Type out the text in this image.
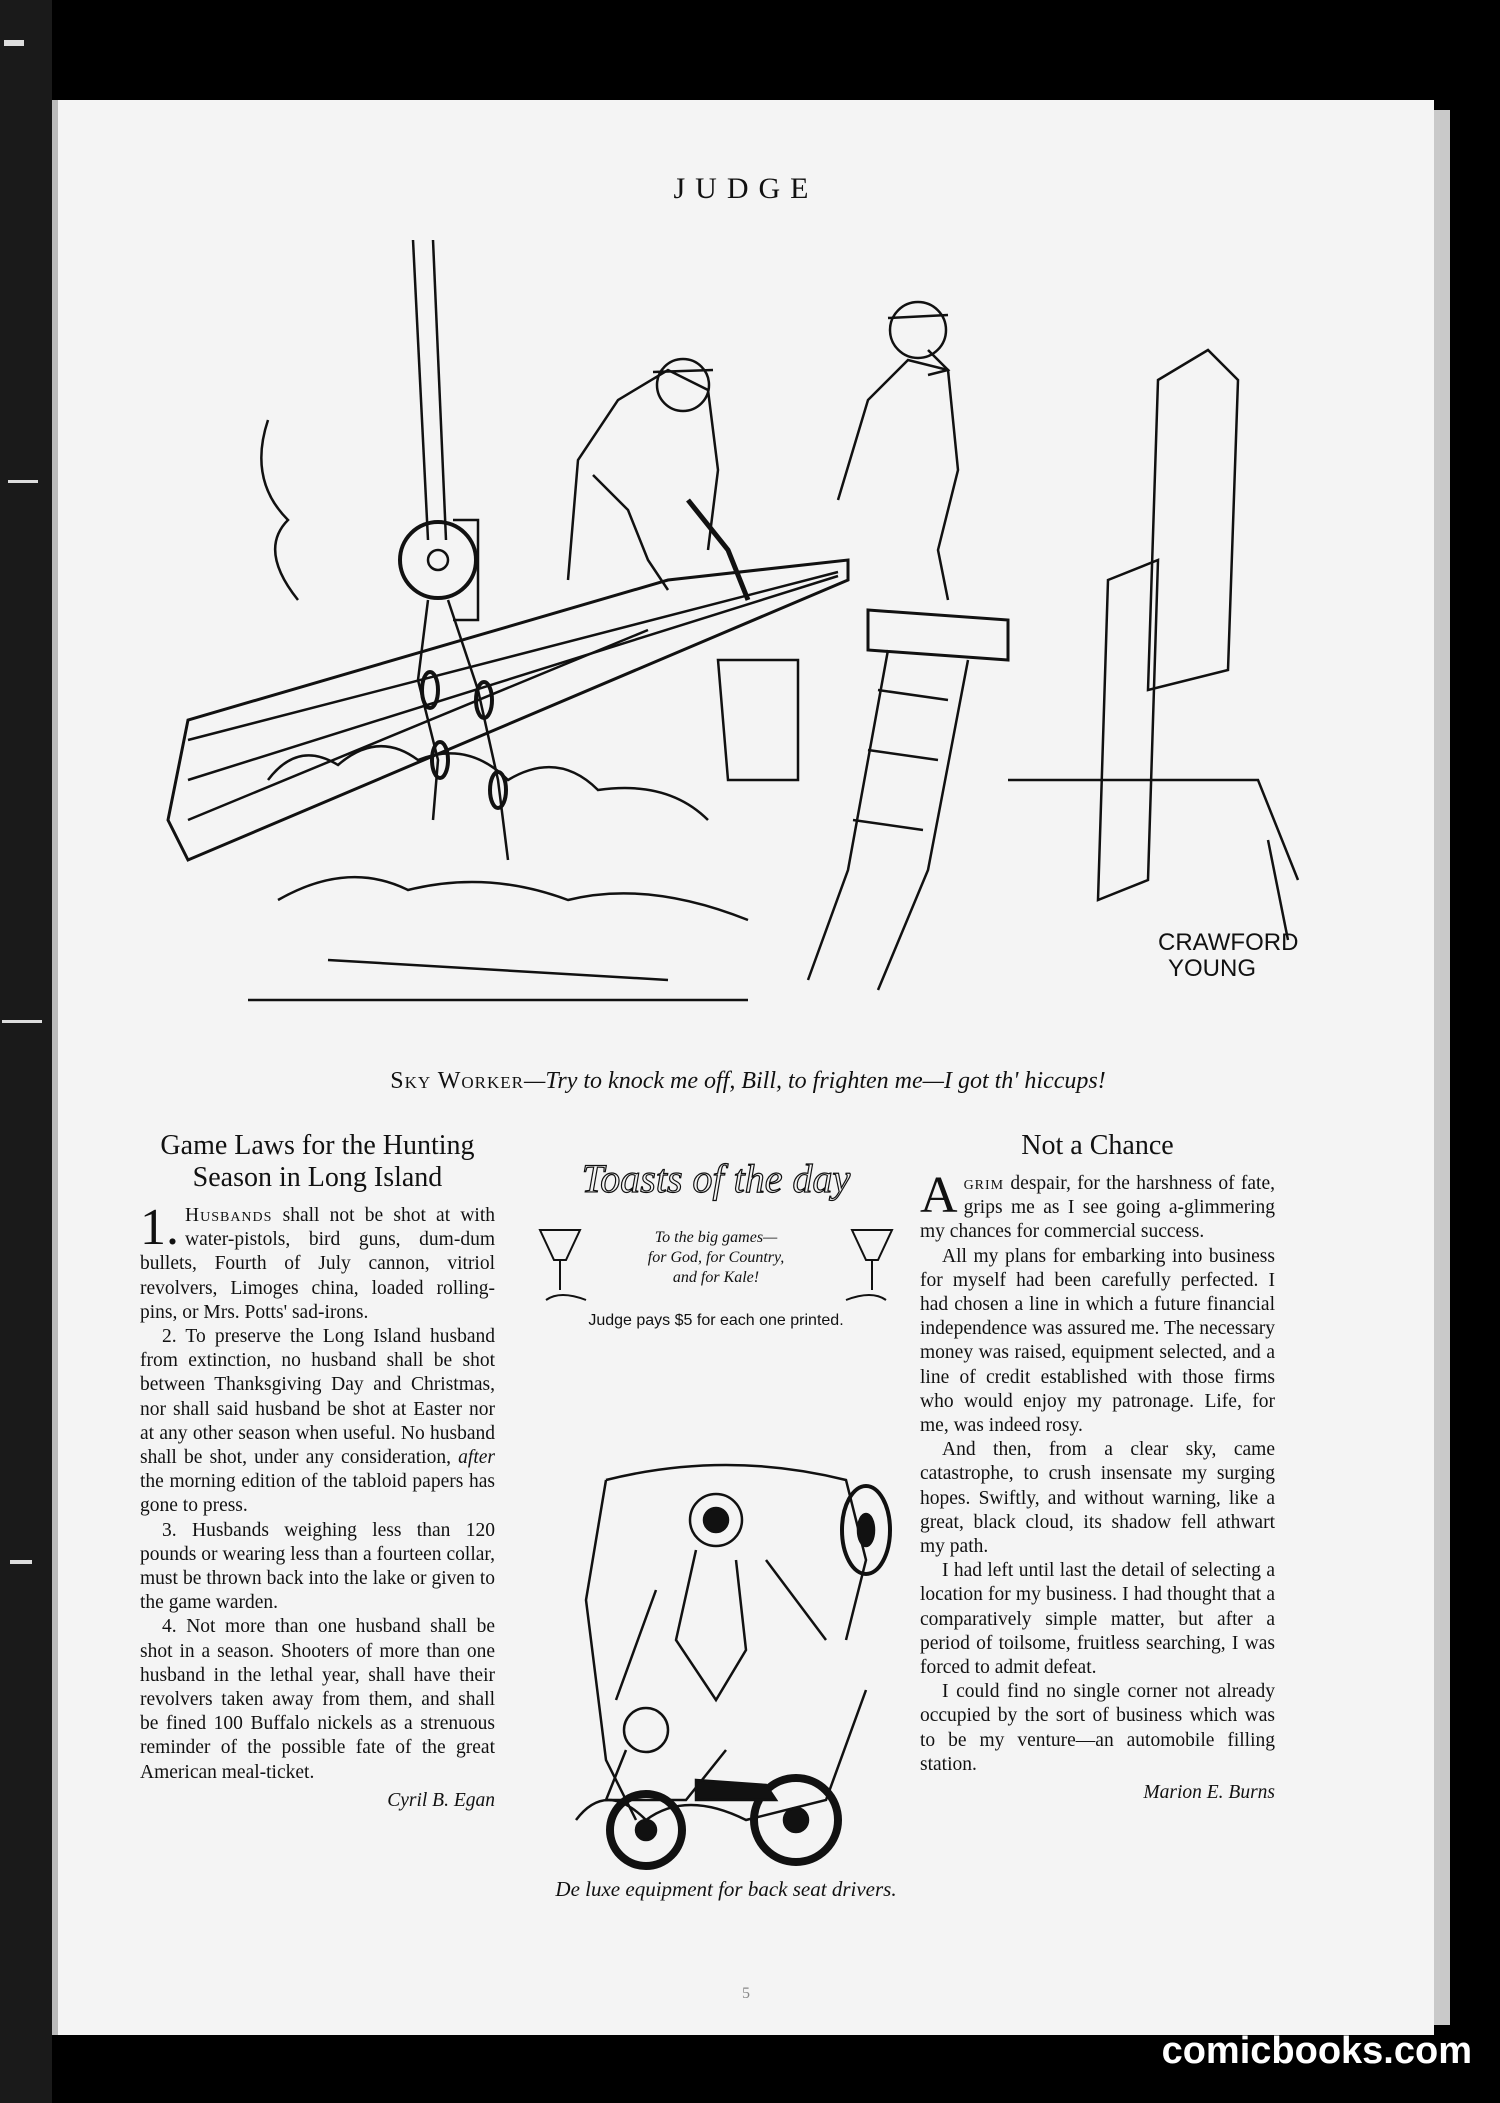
JUDGE
CRAWFORD
YOUNG
Sky Worker—Try to knock me off, Bill, to frighten me—I got th' hiccups!
Game Laws for the Hunting Season in Long Island

1. Husbands shall not be shot at with water-pistols, bird guns, dum-dum bullets, Fourth of July cannon, vitriol revolvers, Limoges china, loaded rolling-pins, or Mrs. Potts' sad-irons.

2. To preserve the Long Island husband from extinction, no husband shall be shot between Thanksgiving Day and Christmas, nor shall said husband be shot at Easter nor at any other season when useful. No husband shall be shot, under any consideration, after the morning edition of the tabloid papers has gone to press.

3. Husbands weighing less than 120 pounds or wearing less than a fourteen collar, must be thrown back into the lake or given to the game warden.

4. Not more than one husband shall be shot in a season. Shooters of more than one husband in the lethal year, shall have their revolvers taken away from them, and shall be fined 100 Buffalo nickels as a strenuous reminder of the possible fate of the great American meal-ticket.

Cyril B. Egan
Toasts of the day
To the big games—
for God, for Country,
and for Kale!
Judge pays $5 for each one printed.
De luxe equipment for back seat drivers.
Not a Chance

Agrim despair, for the harshness of fate, grips me as I see going a-glimmering my chances for commercial success.

All my plans for embarking into business for myself had been carefully perfected. I had chosen a line in which a future financial independence was assured me. The necessary money was raised, equipment selected, and a line of credit established with those firms who would enjoy my patronage. Life, for me, was indeed rosy.

And then, from a clear sky, came catastrophe, to crush insensate my surging hopes. Swiftly, and without warning, like a great, black cloud, its shadow fell athwart my path.

I had left until last the detail of selecting a location for my business. I had thought that a comparatively simple matter, but after a period of toilsome, fruitless searching, I was forced to admit defeat.

I could find no single corner not already occupied by the sort of business which was to be my venture—an automobile filling station.

Marion E. Burns
5
comicbooks.com
